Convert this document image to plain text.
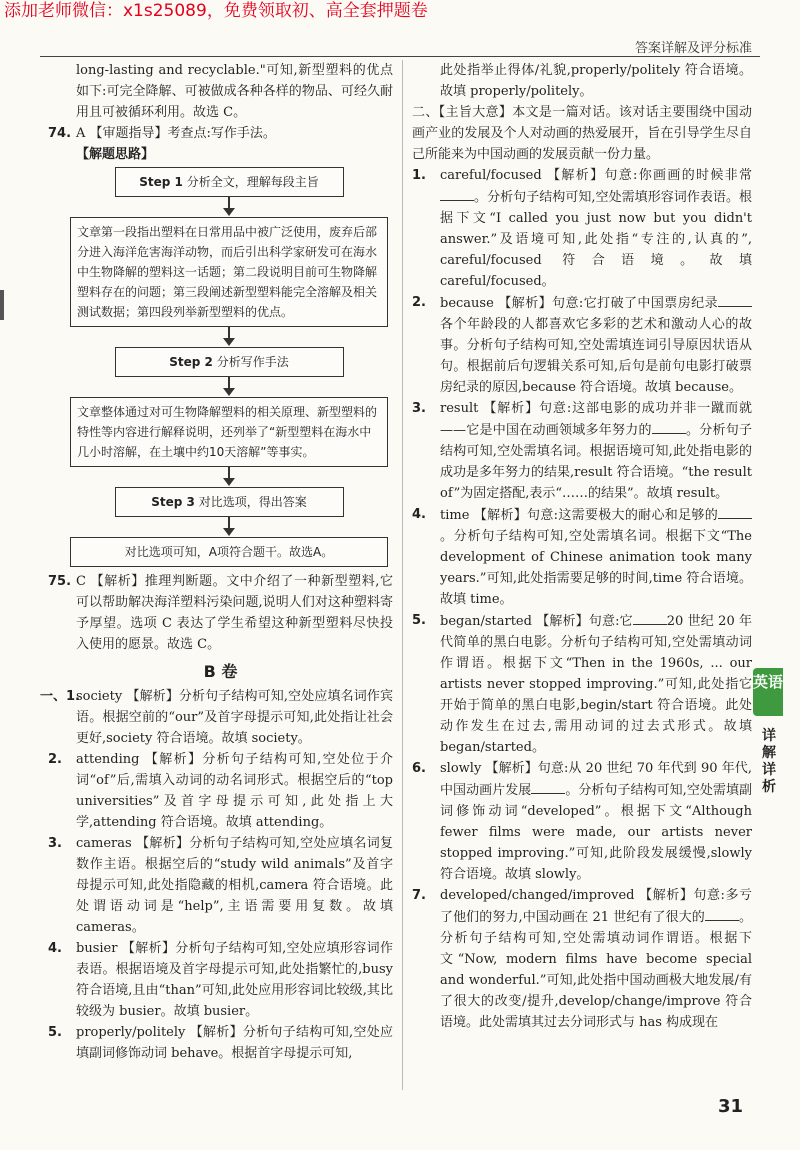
添加老师微信：x1s25089，免费领取初、高全套押题卷
答案详解及评分标准

long-lasting and recyclable."可知,新型塑料的优点如下:可完全降解、可被做成各种各样的物品、可经久耐用且可被循环利用。故选 C。

74. A 【审题指导】考查点:写作手法。

【解题思路】

Step 1 分析全文，理解每段主旨
文章第一段指出塑料在日常用品中被广泛使用，废弃后部分进入海洋危害海洋动物，而后引出科学家研发可在海水中生物降解的塑料这一话题；第二段说明目前可生物降解塑料存在的问题；第三段阐述新型塑料能完全溶解及相关测试数据；第四段列举新型塑料的优点。
Step 2 分析写作手法
文章整体通过对可生物降解塑料的相关原理、新型塑料的特性等内容进行解释说明，还列举了“新型塑料在海水中几小时溶解，在土壤中约10天溶解”等事实。
Step 3 对比选项，得出答案
对比选项可知，A项符合题干。故选A。
75. C 【解析】推理判断题。文中介绍了一种新型塑料,它可以帮助解决海洋塑料污染问题,说明人们对这种塑料寄予厚望。选项 C 表达了学生希望这种新型塑料尽快投入使用的愿景。故选 C。
B 卷
一、1.
society 【解析】分析句子结构可知,空处应填名词作宾语。根据空前的“our”及首字母提示可知,此处指让社会更好,society 符合语境。故填 society。
2. attending 【解析】分析句子结构可知,空处位于介词“of”后,需填入动词的动名词形式。根据空后的“top universities”及首字母提示可知,此处指上大学,attending 符合语境。故填 attending。
3. cameras 【解析】分析句子结构可知,空处应填名词复数作主语。根据空后的“study wild animals”及首字母提示可知,此处指隐藏的相机,camera 符合语境。此处谓语动词是“help”,主语需要用复数。故填 cameras。
4. busier 【解析】分析句子结构可知,空处应填形容词作表语。根据语境及首字母提示可知,此处指繁忙的,busy 符合语境,且由“than”可知,此处应用形容词比较级,其比较级为 busier。故填 busier。
5. properly/politely 【解析】分析句子结构可知,空处应填副词修饰动词 behave。根据首字母提示可知,

此处指举止得体/礼貌,properly/politely 符合语境。故填 properly/politely。

二、【主旨大意】本文是一篇对话。该对话主要围绕中国动画产业的发展及个人对动画的热爱展开，旨在引导学生尽自己所能来为中国动画的发展贡献一份力量。

1. careful/focused 【解析】句意:你画画的时候非常。分析句子结构可知,空处需填形容词作表语。根据下文“I called you just now but you didn't answer.”及语境可知,此处指“专注的,认真的”, careful/focused 符合语境。故填 careful/focused。
2. because 【解析】句意:它打破了中国票房纪录各个年龄段的人都喜欢它多彩的艺术和激动人心的故事。分析句子结构可知,空处需填连词引导原因状语从句。根据前后句逻辑关系可知,后句是前句电影打破票房纪录的原因,because 符合语境。故填 because。
3. result 【解析】句意:这部电影的成功并非一蹴而就——它是中国在动画领域多年努力的	。分析句子结构可知,空处需填名词。根据语境可知,此处指电影的成功是多年努力的结果,result 符合语境。“the result of”为固定搭配,表示“……的结果”。故填 result。
4. time 【解析】句意:这需要极大的耐心和足够的。分析句子结构可知,空处需填名词。根据下文“The development of Chinese animation took many years.”可知,此处指需要足够的时间,time 符合语境。故填 time。
5. began/started 【解析】句意:它	20 世纪 20 年代简单的黑白电影。分析句子结构可知,空处需填动词作谓语。根据下文“Then in the 1960s, ... our artists never stopped improving.”可知,此处指它开始于简单的黑白电影,begin/start 符合语境。此处动作发生在过去,需用动词的过去式形式。故填 began/started。
6. slowly 【解析】句意:从 20 世纪 70 年代到 90 年代,中国动画片发展	。分析句子结构可知,空处需填副词修饰动词“developed”。根据下文“Although fewer films were made, our artists never stopped improving.”可知,此阶段发展缓慢,slowly 符合语境。故填 slowly。
7. developed/changed/improved 【解析】句意:多亏了他们的努力,中国动画在 21 世纪有了很大的	。分析句子结构可知,空处需填动词作谓语。根据下文“Now, modern films have become special and wonderful.”可知,此处指中国动画极大地发展/有了很大的改变/提升,develop/change/improve 符合语境。此处需填其过去分词形式与 has 构成现在
英语
详解详析
31
